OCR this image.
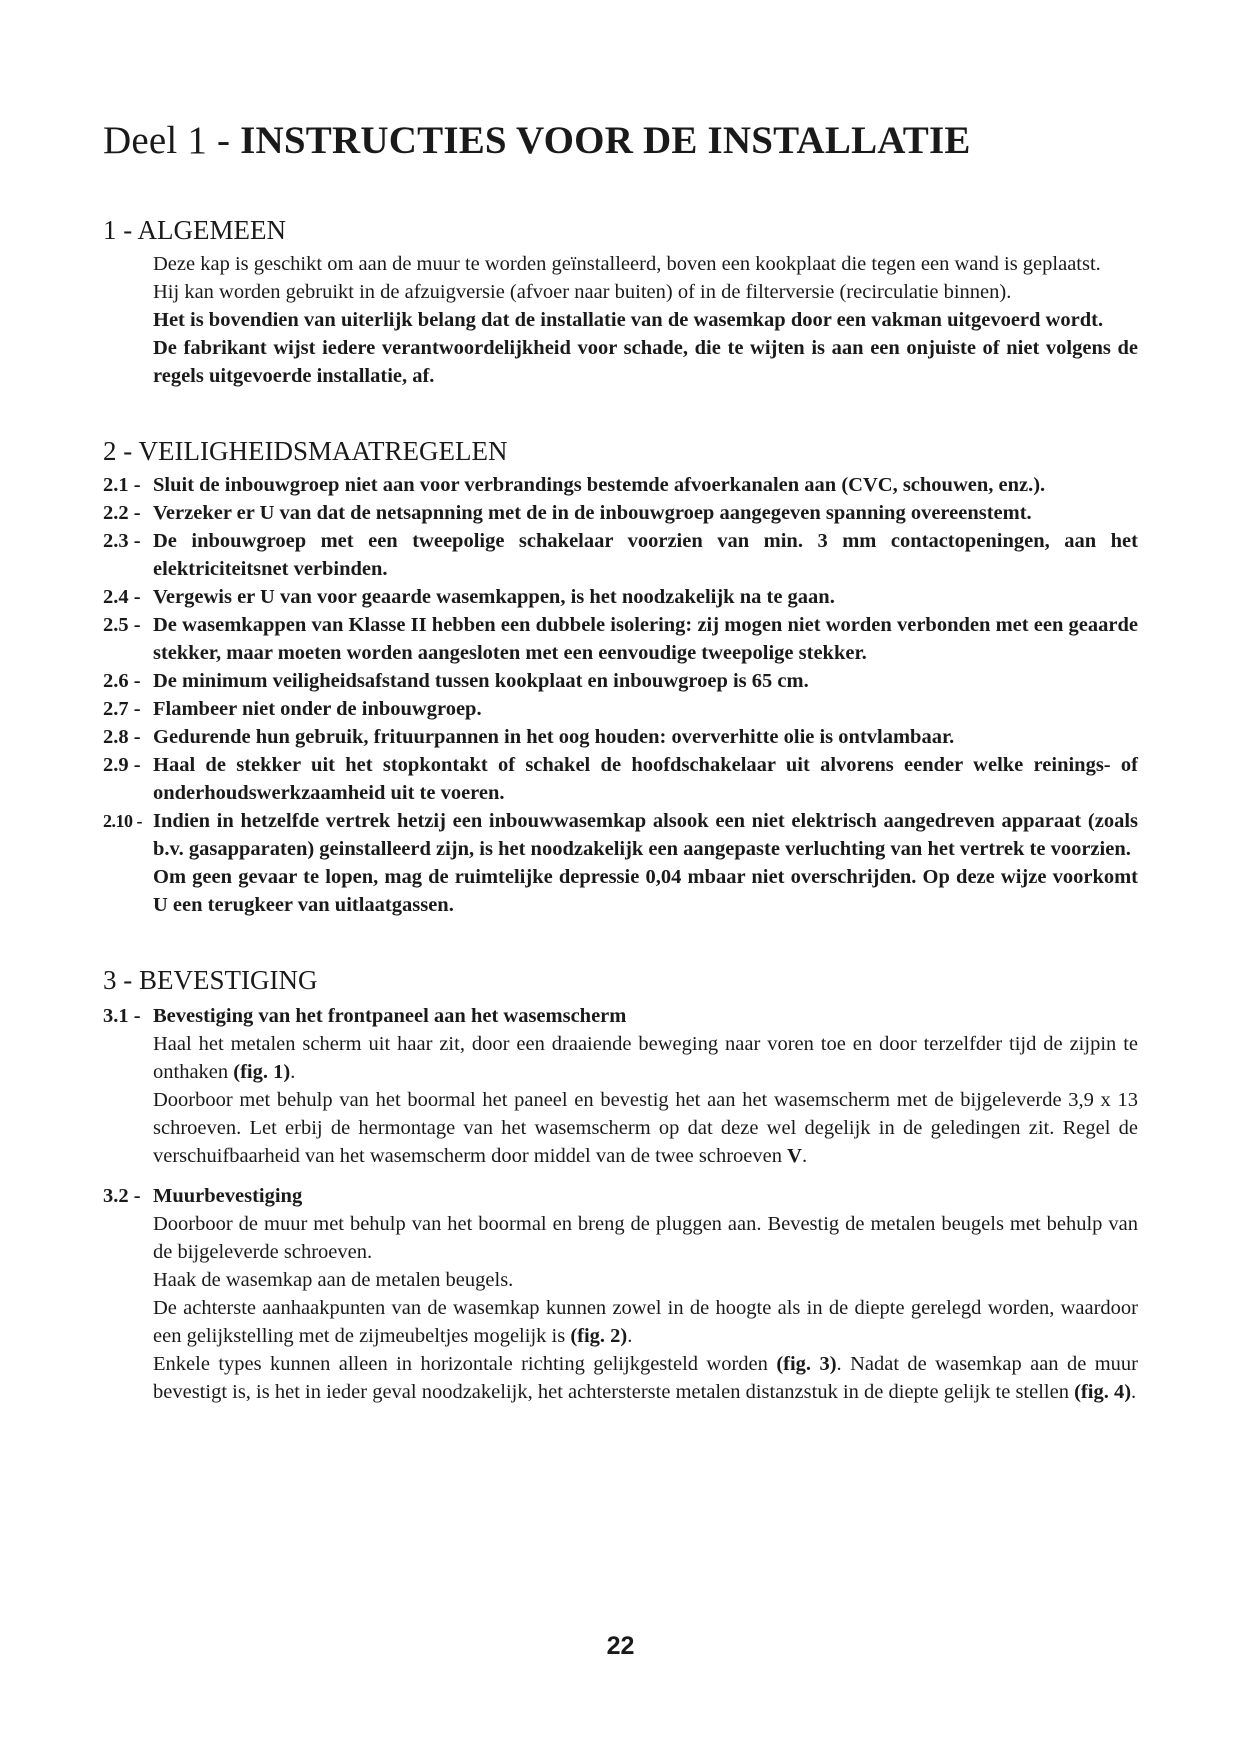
Deel 1 - INSTRUCTIES VOOR DE INSTALLATIE
1 - ALGEMEEN

Deze kap is geschikt om aan de muur te worden geïnstalleerd, boven een kookplaat die tegen een wand is geplaatst.

Hij kan worden gebruikt in de afzuigversie (afvoer naar buiten) of in de filterversie (recirculatie binnen).

Het is bovendien van uiterlijk belang dat de installatie van de wasemkap door een vakman uitgevoerd wordt.

De fabrikant wijst iedere verantwoordelijkheid voor schade, die te wijten is aan een onjuiste of niet volgens de regels uitgevoerde installatie, af.

2 - VEILIGHEIDSMAATREGELEN
2.1 - Sluit de inbouwgroep niet aan voor verbrandings bestemde afvoerkanalen aan (CVC, schouwen, enz.).
2.2 - Verzeker er U van dat de netsapnning met de in de inbouwgroep aangegeven spanning overeenstemt.
2.3 - De inbouwgroep met een tweepolige schakelaar voorzien van min. 3 mm contactopeningen, aan het elektriciteitsnet verbinden.
2.4 - Vergewis er U van voor geaarde wasemkappen, is het noodzakelijk na te gaan.
2.5 - De wasemkappen van Klasse II hebben een dubbele isolering: zij mogen niet worden verbonden met een geaarde stekker, maar moeten worden aangesloten met een eenvoudige tweepolige stekker.
2.6 - De minimum veiligheidsafstand tussen kookplaat en inbouwgroep is 65 cm.
2.7 - Flambeer niet onder de inbouwgroep.
2.8 - Gedurende hun gebruik, frituurpannen in het oog houden: oververhitte olie is ontvlambaar.
2.9 - Haal de stekker uit het stopkontakt of schakel de hoofdschakelaar uit alvorens eender welke reinings- of onderhoudswerkzaamheid uit te voeren.
2.10 - Indien in hetzelfde vertrek hetzij een inbouwwasemkap alsook een niet elektrisch aangedreven apparaat (zoals b.v. gasapparaten) geinstalleerd zijn, is het noodzakelijk een aangepaste verluchting van het vertrek te voorzien.
Om geen gevaar te lopen, mag de ruimtelijke depressie 0,04 mbaar niet overschrijden. Op deze wijze voorkomt U een terugkeer van uitlaatgassen.
3 - BEVESTIGING
3.1 - Bevestiging van het frontpaneel aan het wasemscherm

Haal het metalen scherm uit haar zit, door een draaiende beweging naar voren toe en door terzelfder tijd de zijpin te onthaken (fig. 1).

Doorboor met behulp van het boormal het paneel en bevestig het aan het wasemscherm met de bijgeleverde 3,9 x 13 schroeven. Let erbij de hermontage van het wasemscherm op dat deze wel degelijk in de geledingen zit. Regel de verschuifbaarheid van het wasemscherm door middel van de twee schroeven V.

3.2 - Muurbevestiging

Doorboor de muur met behulp van het boormal en breng de pluggen aan. Bevestig de metalen beugels met behulp van de bijgeleverde schroeven.

Haak de wasemkap aan de metalen beugels.

De achterste aanhaakpunten van de wasemkap kunnen zowel in de hoogte als in de diepte gerelegd worden, waardoor een gelijkstelling met de zijmeubeltjes mogelijk is (fig. 2).

Enkele types kunnen alleen in horizontale richting gelijkgesteld worden (fig. 3). Nadat de wasemkap aan de muur bevestigt is, is het in ieder geval noodzakelijk, het achtersterste metalen distanzstuk in de diepte gelijk te stellen (fig. 4).

22
